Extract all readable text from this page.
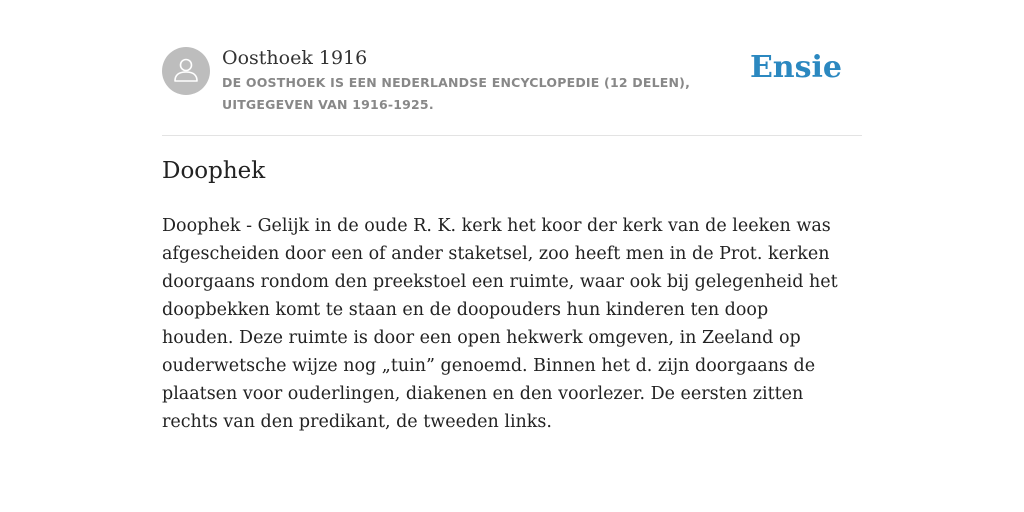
Oosthoek 1916
DE OOSTHOEK IS EEN NEDERLANDSE ENCYCLOPEDIE (12 DELEN), UITGEGEVEN VAN 1916-1925.
Ensie
Doophek

Doophek - Gelijk in de oude R. K. kerk het koor der kerk van de leeken was afgescheiden door een of ander staketsel, zoo heeft men in de Prot. kerken doorgaans rondom den preekstoel een ruimte, waar ook bij gelegenheid het doopbekken komt te staan en de doopouders hun kinderen ten doop houden. Deze ruimte is door een open hekwerk omgeven, in Zeeland op ouderwetsche wijze nog „tuin” genoemd. Binnen het d. zijn doorgaans de plaatsen voor ouderlingen, diakenen en den voorlezer. De eersten zitten rechts van den predikant, de tweeden links.
